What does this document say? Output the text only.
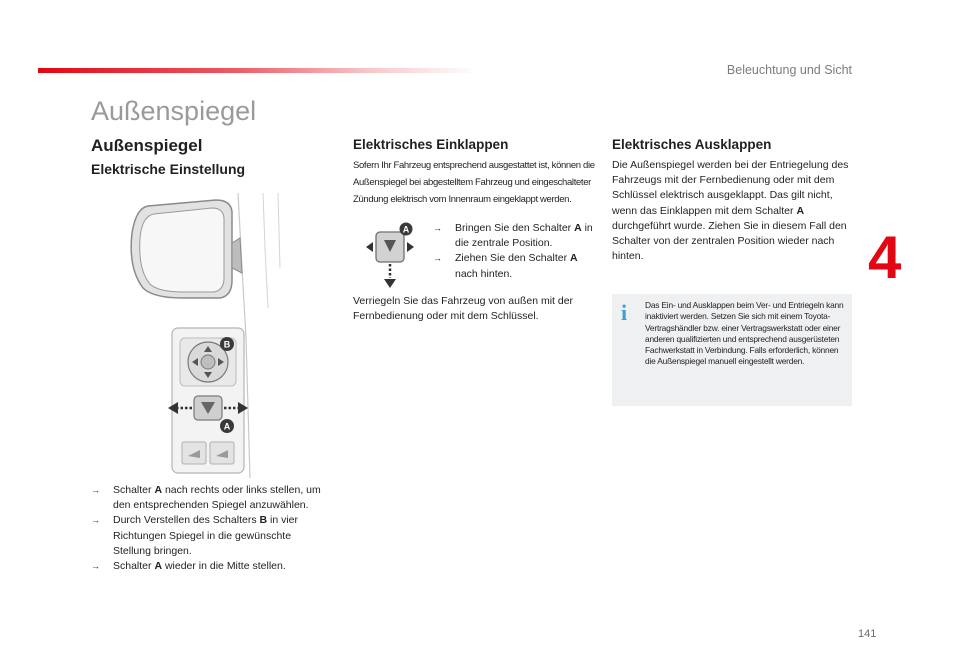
Beleuchtung und Sicht
4
141
Außenspiegel
Außenspiegel
Elektrische Einstellung
B
A
→ Schalter A nach rechts oder links stellen, um den entsprechenden Spiegel anzuwählen.
→ Durch Verstellen des Schalters B in vier Richtungen Spiegel in die gewünschte Stellung bringen.
→ Schalter A wieder in die Mitte stellen.
Elektrisches Einklappen

Sofern Ihr Fahrzeug entsprechend ausgestattet ist, können die Außenspiegel bei abgestelltem Fahrzeug und eingeschalteter Zündung elektrisch vom Innenraum eingeklappt werden.

A
→	Bringen Sie den Schalter A in die zentrale Position.
→ Ziehen Sie den Schalter A nach hinten.

Verriegeln Sie das Fahrzeug von außen mit der Fernbedienung oder mit dem Schlüssel.

Elektrisches Ausklappen

Die Außenspiegel werden bei der Entriegelung des Fahrzeugs mit der Fernbedienung oder mit dem Schlüssel elektrisch ausgeklappt. Das gilt nicht, wenn das Einklappen mit dem Schalter A durchgeführt wurde. Ziehen Sie in diesem Fall den Schalter von der zentralen Position wieder nach hinten.

i Das Ein- und Ausklappen beim Ver- und Entriegeln kann inaktiviert werden. Setzen Sie sich mit einem Toyota-Vertragshändler bzw. einer Vertragswerkstatt oder einer anderen qualifizierten und entsprechend ausgerüsteten Fachwerkstatt in Verbindung. Falls erforderlich, können die Außenspiegel manuell eingestellt werden.
